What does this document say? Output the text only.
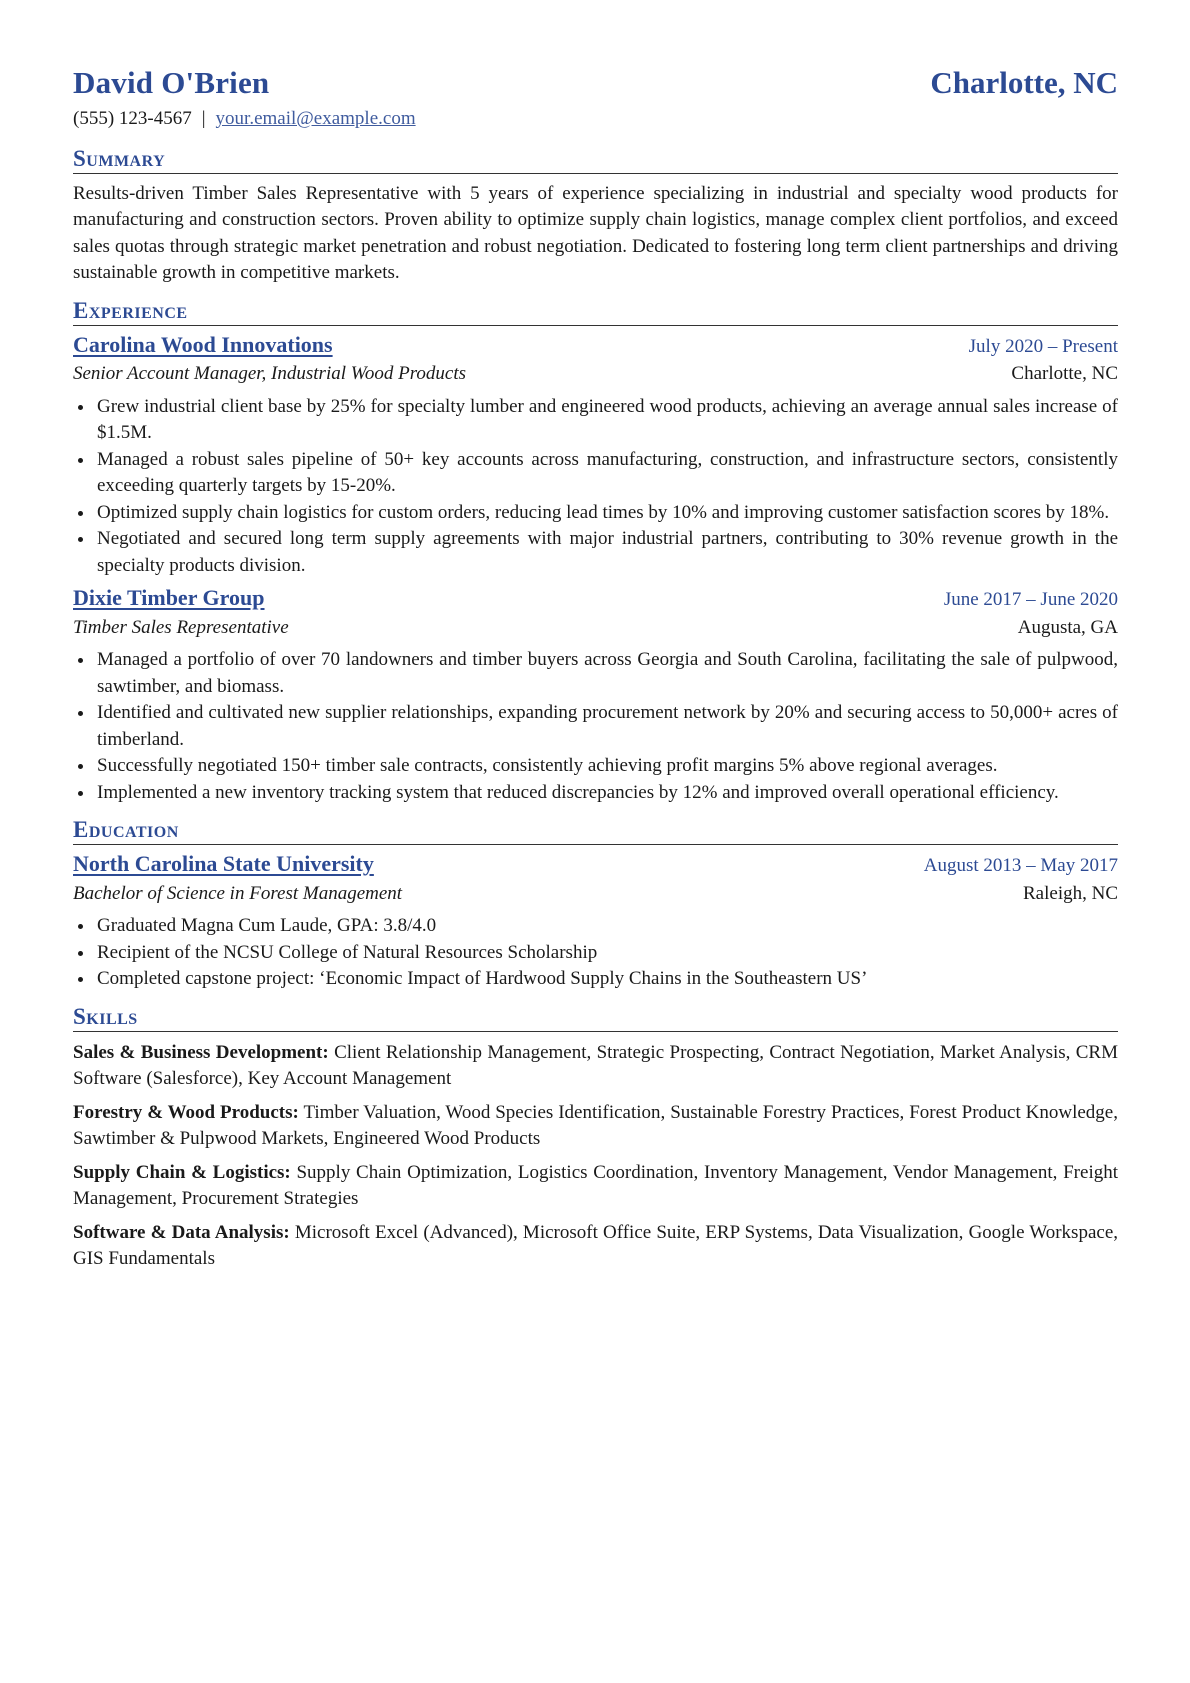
David O'Brien	Charlotte, NC
(555) 123-4567 | your.email@example.com
Summary

Results-driven Timber Sales Representative with 5 years of experience specializing in industrial and specialty wood products for manufacturing and construction sectors. Proven ability to optimize supply chain logistics, manage complex client portfolios, and exceed sales quotas through strategic market penetration and robust negotiation. Dedicated to fostering long term client partnerships and driving sustainable growth in competitive markets.

Experience
Carolina Wood Innovations	July 2020 – Present
Senior Account Manager, Industrial Wood Products	Charlotte, NC
Grew industrial client base by 25% for specialty lumber and engineered wood products, achieving an average annual sales increase of $1.5M.
Managed a robust sales pipeline of 50+ key accounts across manufacturing, construction, and infrastructure sectors, consistently exceeding quarterly targets by 15-20%.
Optimized supply chain logistics for custom orders, reducing lead times by 10% and improving customer satisfaction scores by 18%.
Negotiated and secured long term supply agreements with major industrial partners, contributing to 30% revenue growth in the specialty products division.
Dixie Timber Group	June 2017 – June 2020
Timber Sales Representative	Augusta, GA
Managed a portfolio of over 70 landowners and timber buyers across Georgia and South Carolina, facilitating the sale of pulpwood, sawtimber, and biomass.
Identified and cultivated new supplier relationships, expanding procurement network by 20% and securing access to 50,000+ acres of timberland.
Successfully negotiated 150+ timber sale contracts, consistently achieving profit margins 5% above regional averages.
Implemented a new inventory tracking system that reduced discrepancies by 12% and improved overall operational efficiency.
Education
North Carolina State University	August 2013 – May 2017
Bachelor of Science in Forest Management	Raleigh, NC
Graduated Magna Cum Laude, GPA: 3.8/4.0
Recipient of the NCSU College of Natural Resources Scholarship
Completed capstone project: ‘Economic Impact of Hardwood Supply Chains in the Southeastern US’
Skills
Sales & Business Development: Client Relationship Management, Strategic Prospecting, Contract Negotiation, Market Analysis, CRM Software (Salesforce), Key Account Management
Forestry & Wood Products: Timber Valuation, Wood Species Identification, Sustainable Forestry Practices, Forest Product Knowledge, Sawtimber & Pulpwood Markets, Engineered Wood Products
Supply Chain & Logistics: Supply Chain Optimization, Logistics Coordination, Inventory Management, Vendor Management, Freight Management, Procurement Strategies
Software & Data Analysis: Microsoft Excel (Advanced), Microsoft Office Suite, ERP Systems, Data Visualization, Google Workspace, GIS Fundamentals
